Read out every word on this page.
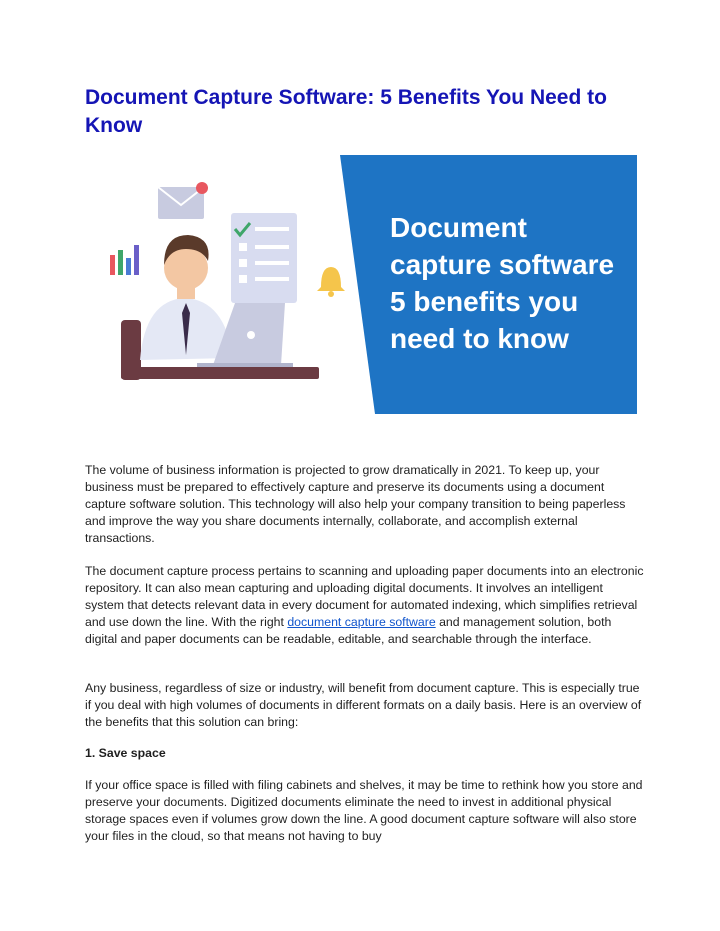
Document Capture Software: 5 Benefits You Need to Know
Document
capture software
5 benefits you
need to know

The volume of business information is projected to grow dramatically in 2021. To keep up, your business must be prepared to effectively capture and preserve its documents using a document capture software solution. This technology will also help your company transition to being paperless and improve the way you share documents internally, collaborate, and accomplish external transactions.

The document capture process pertains to scanning and uploading paper documents into an electronic repository. It can also mean capturing and uploading digital documents. It involves an intelligent system that detects relevant data in every document for automated indexing, which simplifies retrieval and use down the line. With the right document capture software and management solution, both digital and paper documents can be readable, editable, and searchable through the interface.

Any business, regardless of size or industry, will benefit from document capture. This is especially true if you deal with high volumes of documents in different formats on a daily basis. Here is an overview of the benefits that this solution can bring:

1. Save space

If your office space is filled with filing cabinets and shelves, it may be time to rethink how you store and preserve your documents. Digitized documents eliminate the need to invest in additional physical storage spaces even if volumes grow down the line. A good document capture software will also store your files in the cloud, so that means not having to buy
